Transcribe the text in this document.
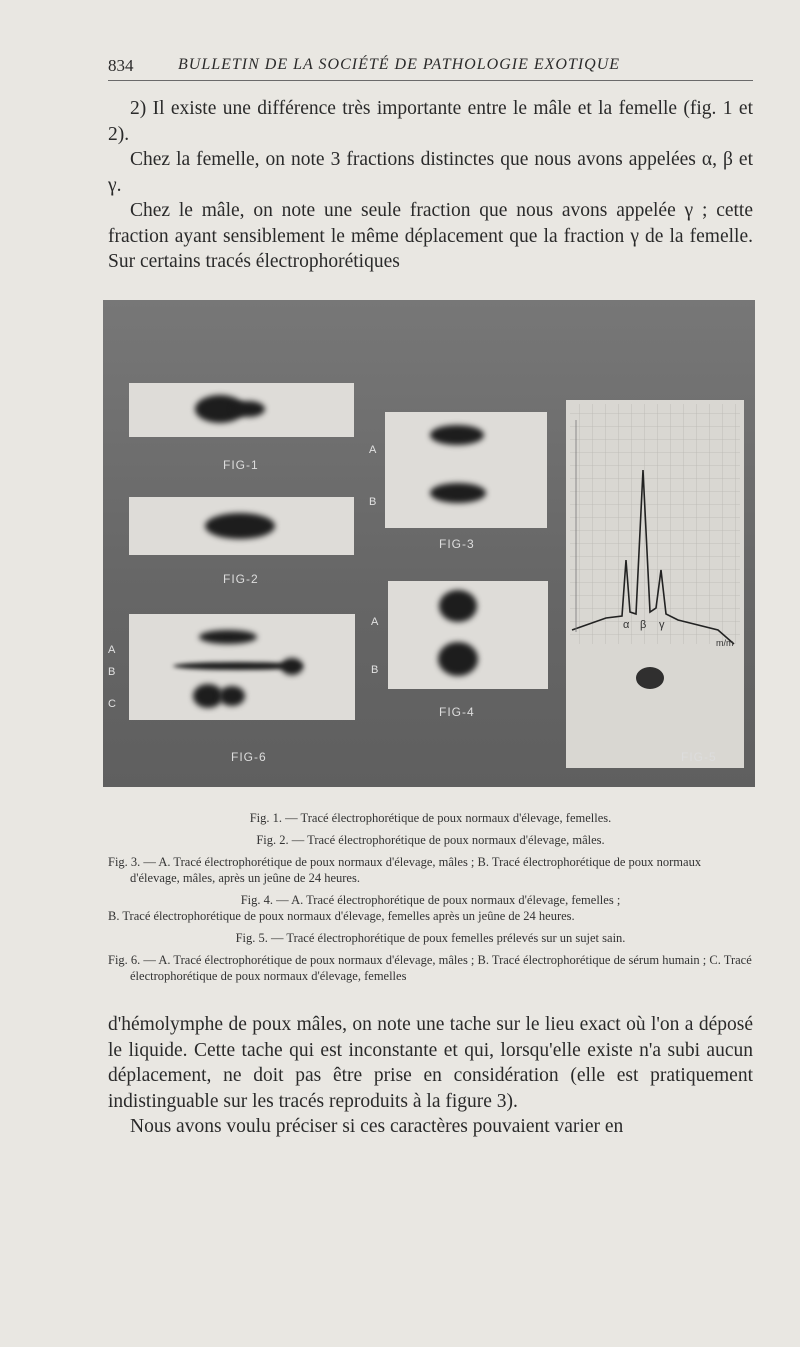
834	BULLETIN DE LA SOCIÉTÉ DE PATHOLOGIE EXOTIQUE

2) Il existe une différence très importante entre le mâle et la femelle (fig. 1 et 2).

Chez la femelle, on note 3 fractions distinctes que nous avons appelées α, β et γ.

Chez le mâle, on note une seule fraction que nous avons appelée γ ; cette fraction ayant sensiblement le même déplacement que la fraction γ de la femelle. Sur certains tracés électrophorétiques

FIG-1
FIG-2
A
B
C
FIG-6
A
B
FIG-3
A
B
FIG-4
α β γ
m/m
FIG-5

Fig. 1. — Tracé électrophorétique de poux normaux d'élevage, femelles.

Fig. 2. — Tracé électrophorétique de poux normaux d'élevage, mâles.

Fig. 3. — A. Tracé électrophorétique de poux normaux d'élevage, mâles ; B. Tracé électrophorétique de poux normaux d'élevage, mâles, après un jeûne de 24 heures.

Fig. 4. — A. Tracé électrophorétique de poux normaux d'élevage, femelles ;

B. Tracé électrophorétique de poux normaux d'élevage, femelles après un jeûne de 24 heures.

Fig. 5. — Tracé électrophorétique de poux femelles prélevés sur un sujet sain.

Fig. 6. — A. Tracé électrophorétique de poux normaux d'élevage, mâles ; B. Tracé électrophorétique de sérum humain ; C. Tracé électrophorétique de poux normaux d'élevage, femelles

d'hémolymphe de poux mâles, on note une tache sur le lieu exact où l'on a déposé le liquide. Cette tache qui est inconstante et qui, lorsqu'elle existe n'a subi aucun déplacement, ne doit pas être prise en considération (elle est pratiquement indistinguable sur les tracés reproduits à la figure 3).

Nous avons voulu préciser si ces caractères pouvaient varier en
